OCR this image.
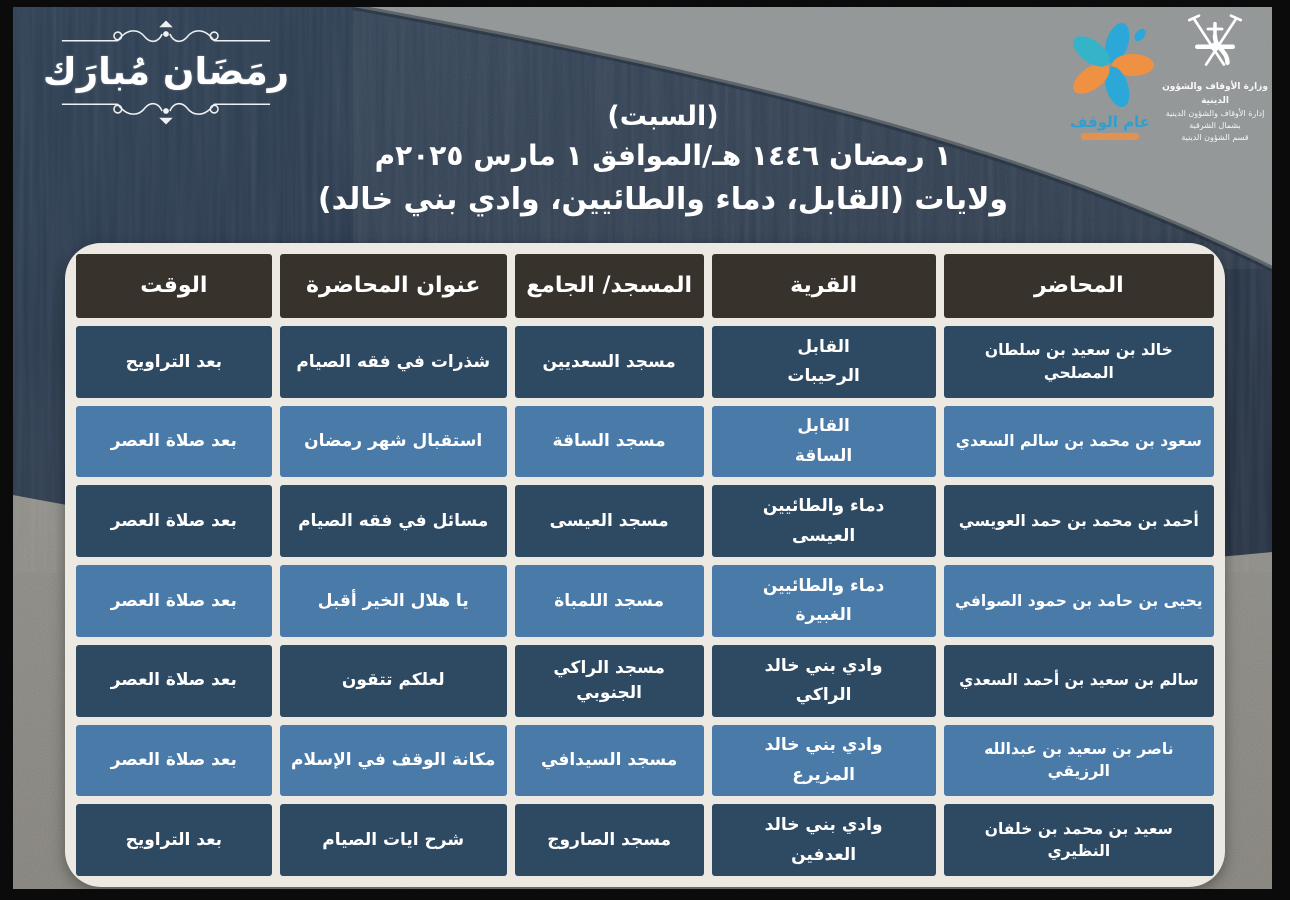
رمَضَان مُبارَك
(السبت)
١ رمضان ١٤٤٦ هـ/الموافق ١ مارس ٢٠٢٥م
ولايات (القابل، دماء والطائيين، وادي بني خالد)
عام الوقف
وزارة الأوقاف والشؤون الدينية
إدارة الأوقاف والشؤون الدينية بشمال الشرقية
قسم الشؤون الدينية
المحاضر
القرية
المسجد/ الجامع
عنوان المحاضرة
الوقت
خالد بن سعيد بن سلطان المصلحي
القابل
الرحيبات
مسجد السعديين
شذرات في فقه الصيام
بعد التراويح
سعود بن محمد بن سالم السعدي
القابل
الساقة
مسجد الساقة
استقبال شهر رمضان
بعد صلاة العصر
أحمد بن محمد بن حمد العويسي
دماء والطائيين
العيسى
مسجد العيسى
مسائل في فقه الصيام
بعد صلاة العصر
يحيى بن حامد بن حمود الصوافي
دماء والطائيين
الغبيرة
مسجد اللمباة
يا هلال الخير أقبل
بعد صلاة العصر
سالم بن سعيد بن أحمد السعدي
وادي بني خالد
الراكي
مسجد الراكي الجنوبي
لعلكم تتقون
بعد صلاة العصر
ناصر بن سعيد بن عبدالله الرزيقي
وادي بني خالد
المزيرع
مسجد السيدافي
مكانة الوقف في الإسلام
بعد صلاة العصر
سعيد بن محمد بن خلفان النظيري
وادي بني خالد
العدفين
مسجد الصاروج
شرح ايات الصيام
بعد التراويح
